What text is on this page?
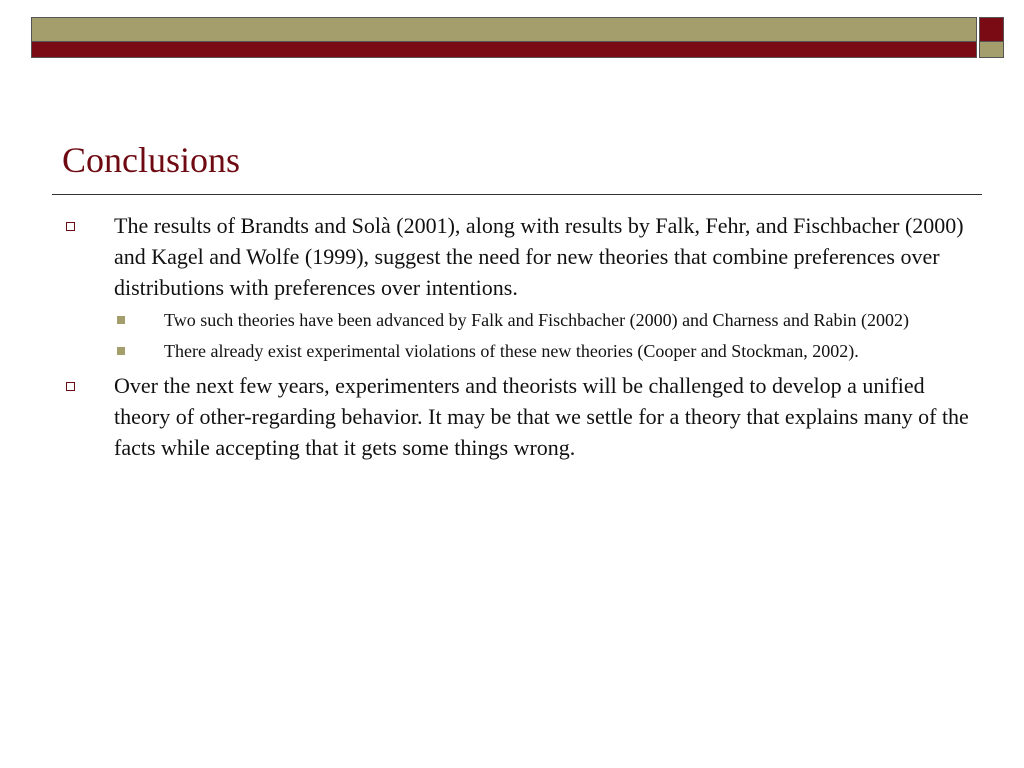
Conclusions
The results of Brandts and Solà (2001), along with results by Falk, Fehr, and Fischbacher (2000) and Kagel and Wolfe (1999), suggest the need for new theories that combine preferences over distributions with preferences over intentions.
Two such theories have been advanced by Falk and Fischbacher (2000) and Charness and Rabin (2002)
There already exist experimental violations of these new theories (Cooper and Stockman, 2002).
Over the next few years, experimenters and theorists will be challenged to develop a unified theory of other-regarding behavior. It may be that we settle for a theory that explains many of the facts while accepting that it gets some things wrong.
